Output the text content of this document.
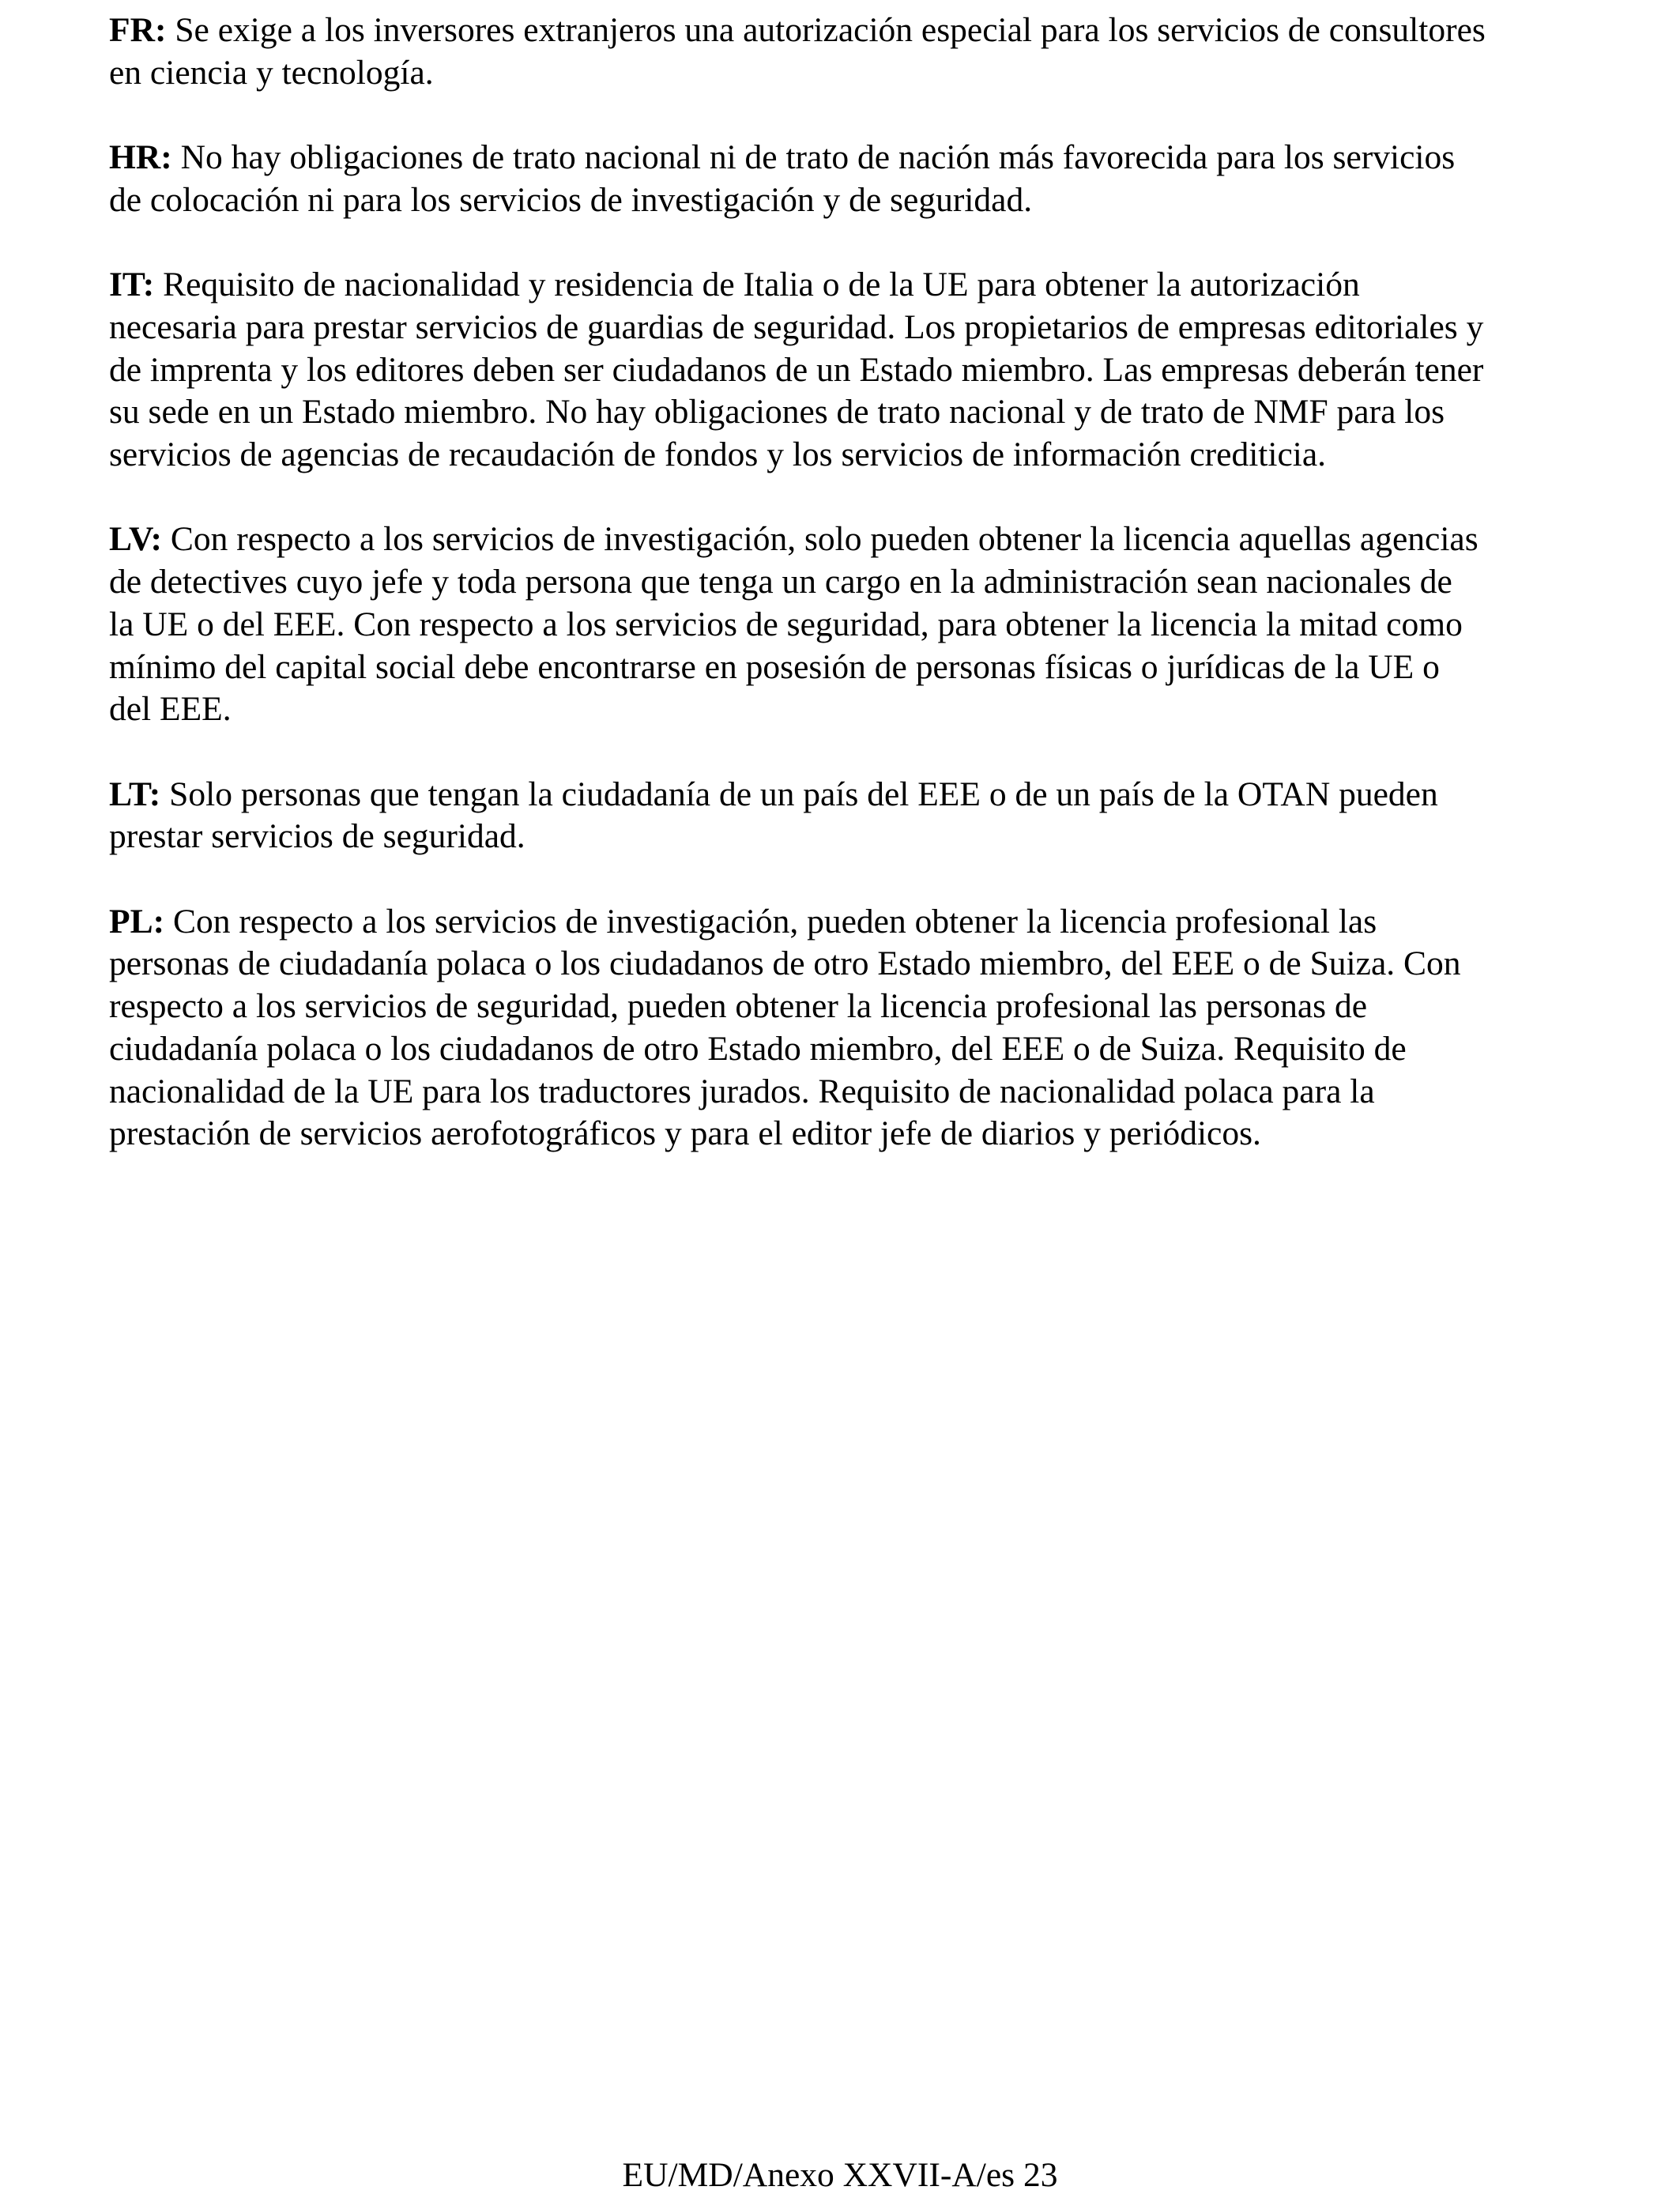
FR: Se exige a los inversores extranjeros una autorización especial para los servicios de consultores
en ciencia y tecnología.

HR: No hay obligaciones de trato nacional ni de trato de nación más favorecida para los servicios
de colocación ni para los servicios de investigación y de seguridad.

IT: Requisito de nacionalidad y residencia de Italia o de la UE para obtener la autorización
necesaria para prestar servicios de guardias de seguridad. Los propietarios de empresas editoriales y
de imprenta y los editores deben ser ciudadanos de un Estado miembro. Las empresas deberán tener
su sede en un Estado miembro. No hay obligaciones de trato nacional y de trato de NMF para los
servicios de agencias de recaudación de fondos y los servicios de información crediticia.

LV: Con respecto a los servicios de investigación, solo pueden obtener la licencia aquellas agencias
de detectives cuyo jefe y toda persona que tenga un cargo en la administración sean nacionales de
la UE o del EEE. Con respecto a los servicios de seguridad, para obtener la licencia la mitad como
mínimo del capital social debe encontrarse en posesión de personas físicas o jurídicas de la UE o
del EEE.

LT: Solo personas que tengan la ciudadanía de un país del EEE o de un país de la OTAN pueden
prestar servicios de seguridad.

PL: Con respecto a los servicios de investigación, pueden obtener la licencia profesional las
personas de ciudadanía polaca o los ciudadanos de otro Estado miembro, del EEE o de Suiza. Con
respecto a los servicios de seguridad, pueden obtener la licencia profesional las personas de
ciudadanía polaca o los ciudadanos de otro Estado miembro, del EEE o de Suiza. Requisito de
nacionalidad de la UE para los traductores jurados. Requisito de nacionalidad polaca para la
prestación de servicios aerofotográficos y para el editor jefe de diarios y periódicos.

EU/MD/Anexo XXVII-A/es 23
